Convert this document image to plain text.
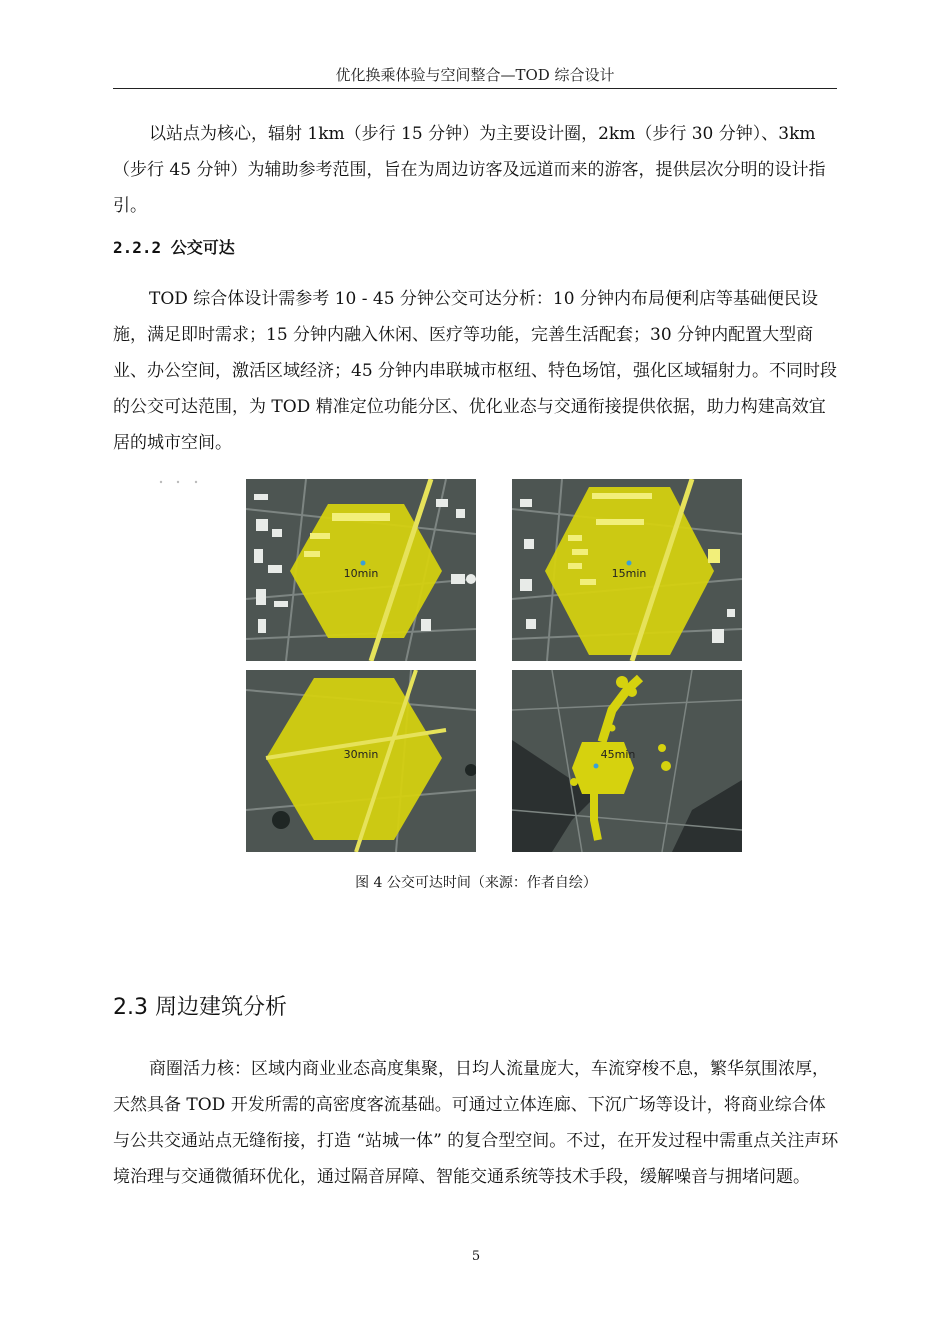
优化换乘体验与空间整合—TOD 综合设计

以站点为核心，辐射 1km（步行 15 分钟）为主要设计圈，2km（步行 30 分钟）、3km（步行 45 分钟）为辅助参考范围，旨在为周边访客及远道而来的游客，提供层次分明的设计指引。

2.2.2 公交可达

TOD 综合体设计需参考 10 - 45 分钟公交可达分析：10 分钟内布局便利店等基础便民设施，满足即时需求；15 分钟内融入休闲、医疗等功能，完善生活配套；30 分钟内配置大型商业、办公空间，激活区域经济；45 分钟内串联城市枢纽、特色场馆，强化区域辐射力。不同时段的公交可达范围，为 TOD 精准定位功能分区、优化业态与交通衔接提供依据，助力构建高效宜居的城市空间。

10min	15min
30min	45min
图 4 公交可达时间（来源：作者自绘）
2.3 周边建筑分析

商圈活力核：区域内商业业态高度集聚，日均人流量庞大，车流穿梭不息，繁华氛围浓厚，天然具备 TOD 开发所需的高密度客流基础。可通过立体连廊、下沉广场等设计，将商业综合体与公共交通站点无缝衔接，打造 “站城一体” 的复合型空间。不过，在开发过程中需重点关注声环境治理与交通微循环优化，通过隔音屏障、智能交通系统等技术手段，缓解噪音与拥堵问题。

5
